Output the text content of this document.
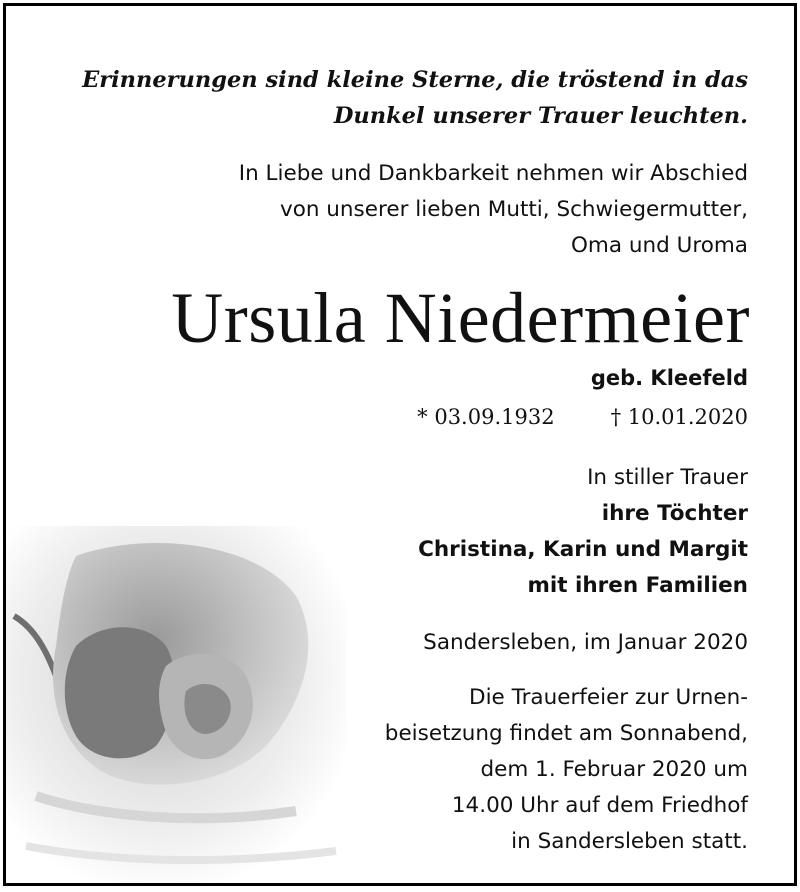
Erinnerungen sind kleine Sterne, die tröstend in das
Dunkel unserer Trauer leuchten.
In Liebe und Dankbarkeit nehmen wir Abschied
von unserer lieben Mutti, Schwiegermutter,
Oma und Uroma
Ursula Niedermeier
geb. Kleefeld
* 03.09.1932	† 10.01.2020
In stiller Trauer
ihre Töchter
Christina, Karin und Margit
mit ihren Familien
Sandersleben, im Januar 2020
Die Trauerfeier zur Urnen-
beisetzung findet am Sonnabend,
dem 1. Februar 2020 um
14.00 Uhr auf dem Friedhof
in Sandersleben statt.
